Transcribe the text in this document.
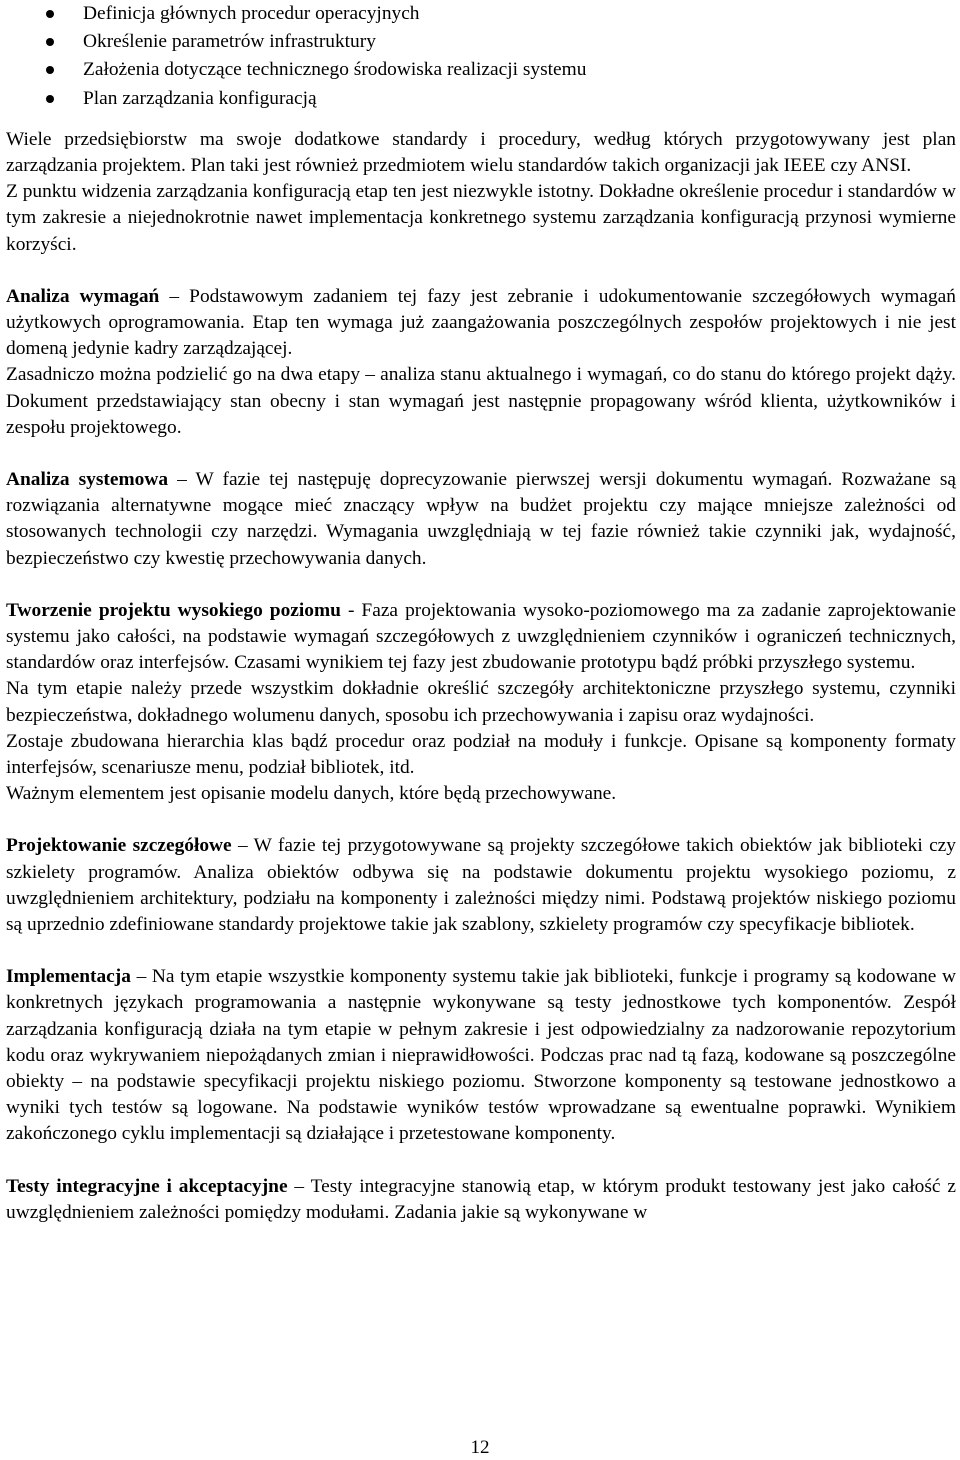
Definicja głównych procedur operacyjnych
Określenie parametrów infrastruktury
Założenia dotyczące technicznego środowiska realizacji systemu
Plan zarządzania konfiguracją

Wiele przedsiębiorstw ma swoje dodatkowe standardy i procedury, według których przygotowywany jest plan zarządzania projektem. Plan taki jest również przedmiotem wielu standardów takich organizacji jak IEEE czy ANSI.

Z punktu widzenia zarządzania konfiguracją etap ten jest niezwykle istotny. Dokładne określenie procedur i standardów w tym zakresie a niejednokrotnie nawet implementacja konkretnego systemu zarządzania konfiguracją przynosi wymierne korzyści.

Analiza wymagań – Podstawowym zadaniem tej fazy jest zebranie i udokumentowanie szczegółowych wymagań użytkowych oprogramowania. Etap ten wymaga już zaangażowania poszczególnych zespołów projektowych i nie jest domeną jedynie kadry zarządzającej.

Zasadniczo można podzielić go na dwa etapy – analiza stanu aktualnego i wymagań, co do stanu do którego projekt dąży. Dokument przedstawiający stan obecny i stan wymagań jest następnie propagowany wśród klienta, użytkowników i zespołu projektowego.

Analiza systemowa – W fazie tej następuję doprecyzowanie pierwszej wersji dokumentu wymagań. Rozważane są rozwiązania alternatywne mogące mieć znaczący wpływ na budżet projektu czy mające mniejsze zależności od stosowanych technologii czy narzędzi. Wymagania uwzględniają w tej fazie również takie czynniki jak, wydajność, bezpieczeństwo czy kwestię przechowywania danych.

Tworzenie projektu wysokiego poziomu - Faza projektowania wysoko-poziomowego ma za zadanie zaprojektowanie systemu jako całości, na podstawie wymagań szczegółowych z uwzględnieniem czynników i ograniczeń technicznych, standardów oraz interfejsów. Czasami wynikiem tej fazy jest zbudowanie prototypu bądź próbki przyszłego systemu.

Na tym etapie należy przede wszystkim dokładnie określić szczegóły architektoniczne przyszłego systemu, czynniki bezpieczeństwa, dokładnego wolumenu danych, sposobu ich przechowywania i zapisu oraz wydajności.

Zostaje zbudowana hierarchia klas bądź procedur oraz podział na moduły i funkcje. Opisane są komponenty formaty interfejsów, scenariusze menu, podział bibliotek, itd.

Ważnym elementem jest opisanie modelu danych, które będą przechowywane.

Projektowanie szczegółowe – W fazie tej przygotowywane są projekty szczegółowe takich obiektów jak biblioteki czy szkielety programów. Analiza obiektów odbywa się na podstawie dokumentu projektu wysokiego poziomu, z uwzględnieniem architektury, podziału na komponenty i zależności między nimi. Podstawą projektów niskiego poziomu są uprzednio zdefiniowane standardy projektowe takie jak szablony, szkielety programów czy specyfikacje bibliotek.

Implementacja – Na tym etapie wszystkie komponenty systemu takie jak biblioteki, funkcje i programy są kodowane w konkretnych językach programowania a następnie wykonywane są testy jednostkowe tych komponentów. Zespół zarządzania konfiguracją działa na tym etapie w pełnym zakresie i jest odpowiedzialny za nadzorowanie repozytorium kodu oraz wykrywaniem niepożądanych zmian i nieprawidłowości. Podczas prac nad tą fazą, kodowane są poszczególne obiekty – na podstawie specyfikacji projektu niskiego poziomu. Stworzone komponenty są testowane jednostkowo a wyniki tych testów są logowane. Na podstawie wyników testów wprowadzane są ewentualne poprawki. Wynikiem zakończonego cyklu implementacji są działające i przetestowane komponenty.

Testy integracyjne i akceptacyjne – Testy integracyjne stanowią etap, w którym produkt testowany jest jako całość z uwzględnieniem zależności pomiędzy modułami. Zadania jakie są wykonywane w

12
